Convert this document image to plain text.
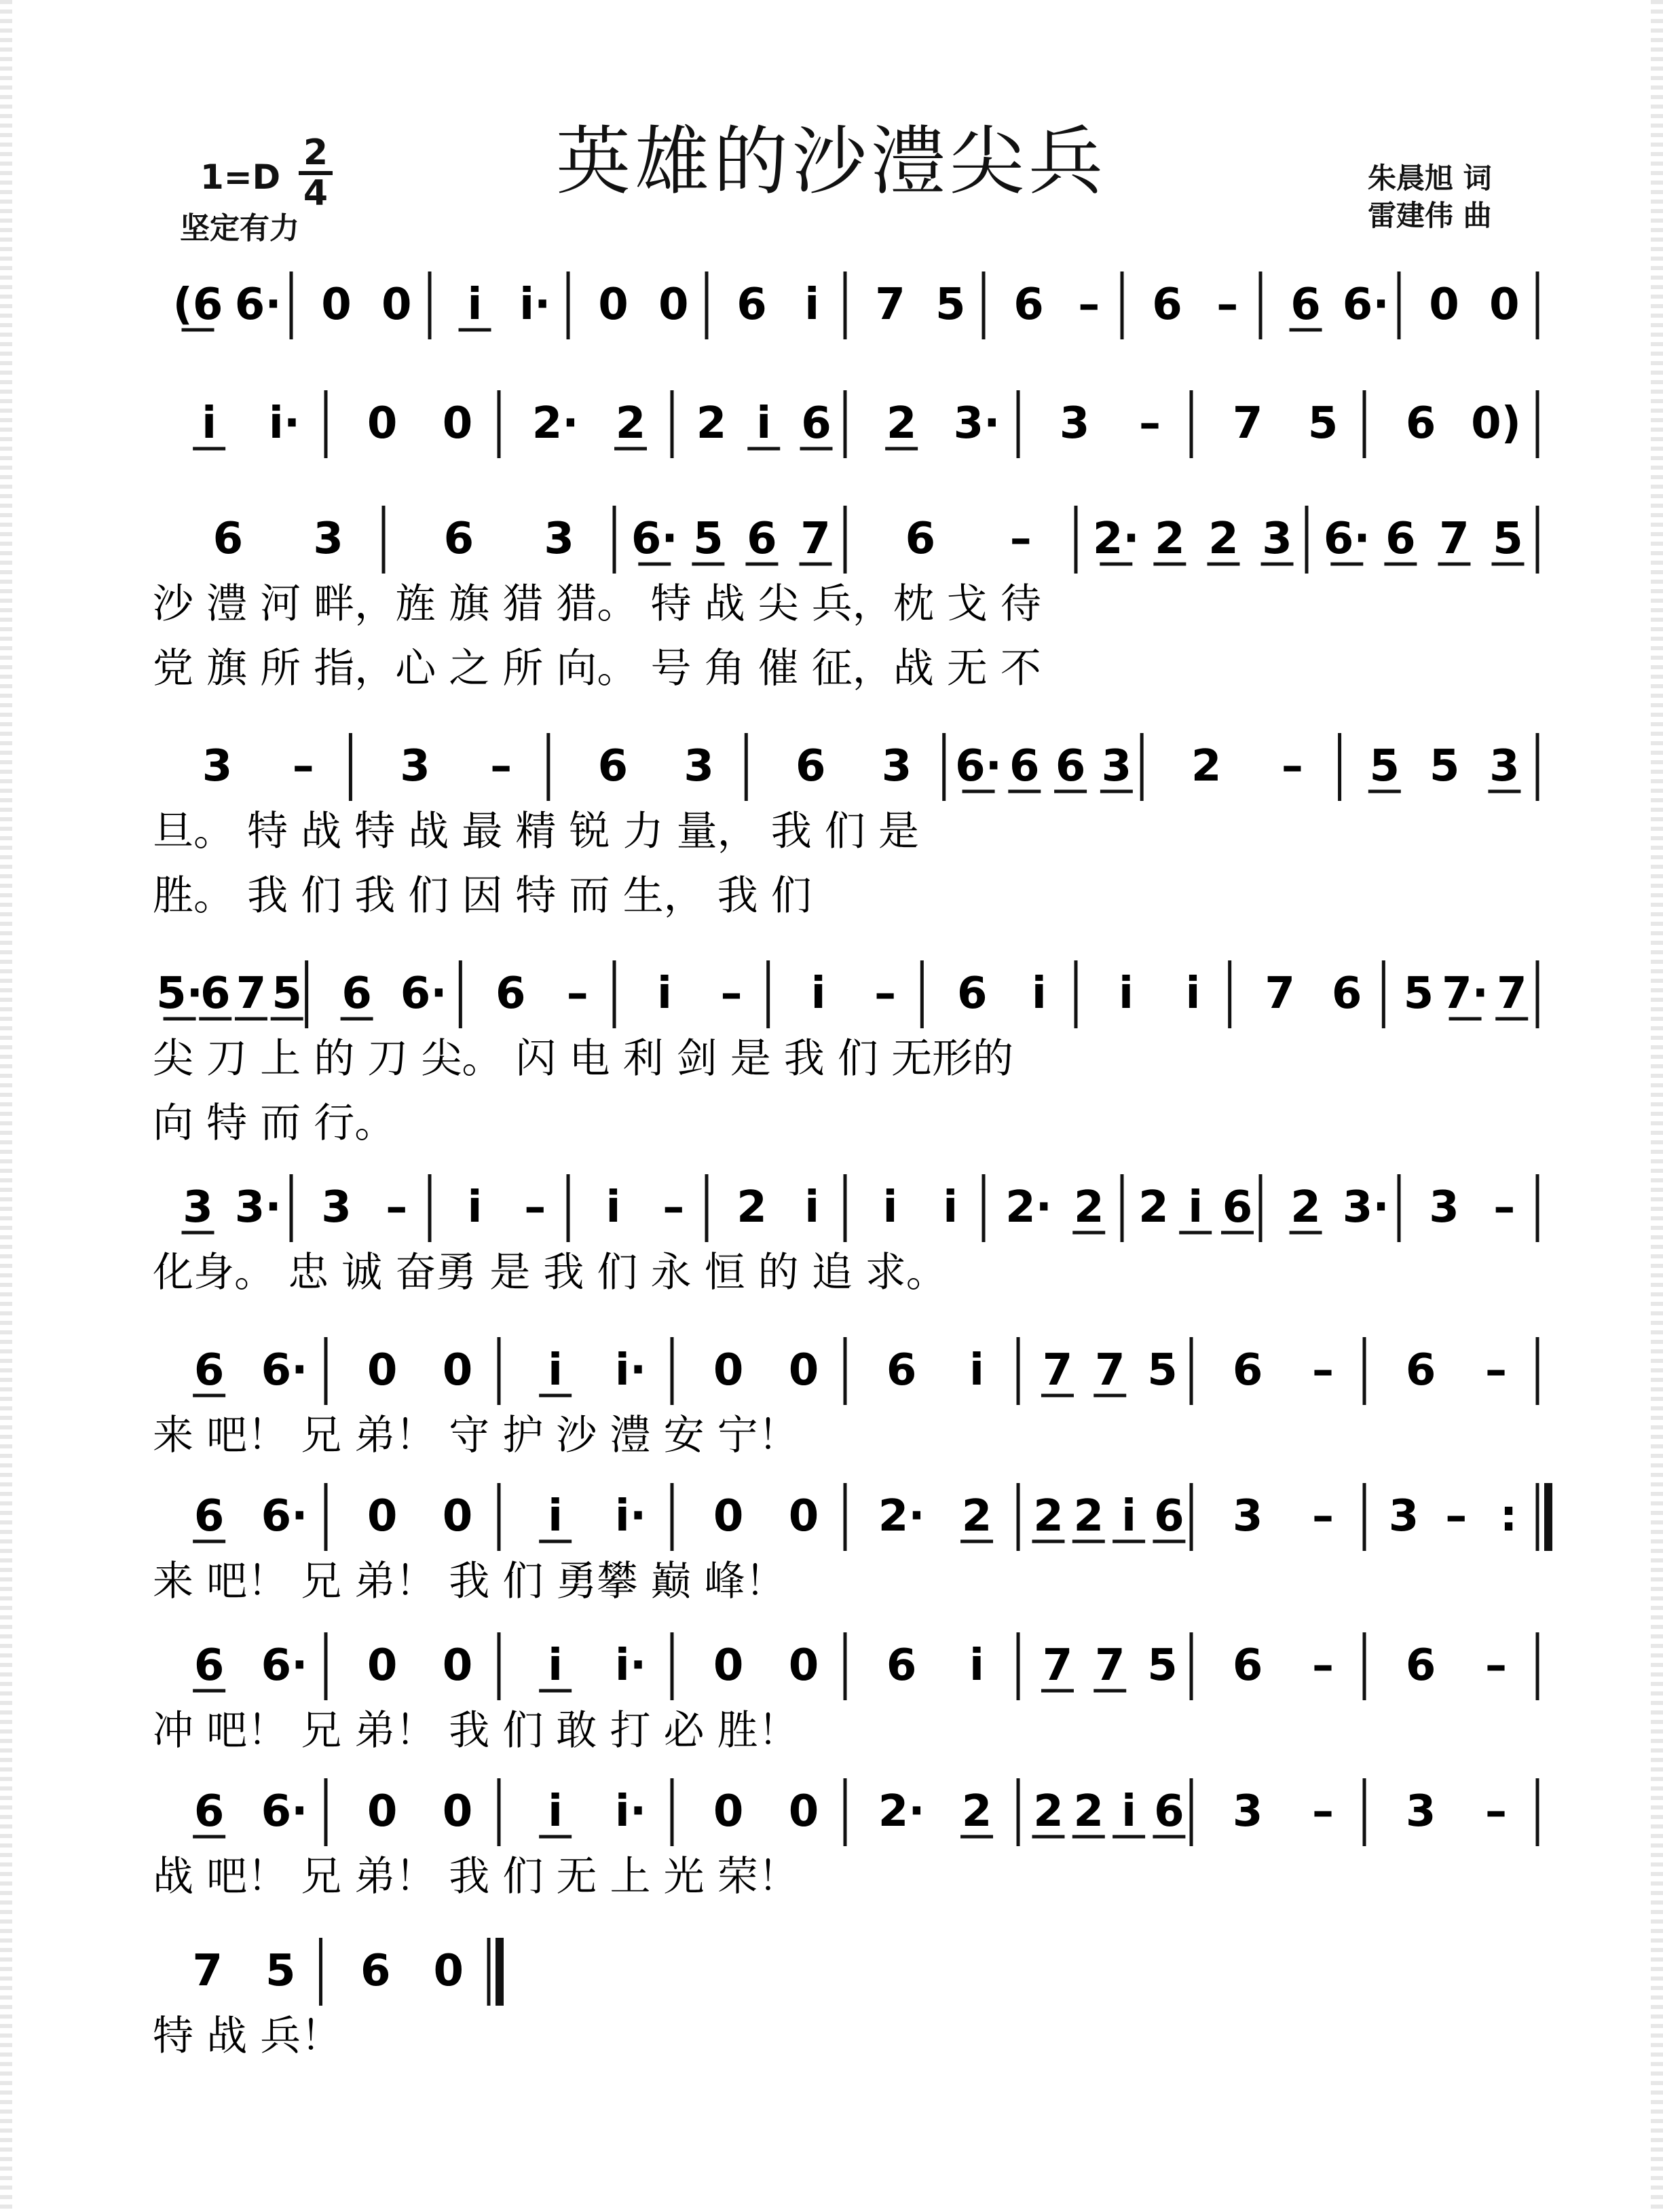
英雄的沙澧尖兵
1=D
2
4
坚定有力
朱晨旭 词
雷建伟 曲
(6 6· 0 0 i i· 0 0 6 i 7 5 6 – 6 – 6 6· 0 0
i i· 0 0 2· 2 2 i 6 2 3· 3 – 7 5 6 0)
6 3 6 3 6· 5 6 7 6 – 2· 2 2 3 6· 6 7 5
沙 澧 河 畔，旌 旗 猎 猎。 特 战 尖 兵，枕 戈 待
党 旗 所 指，心 之 所 向。 号 角 催 征，战 无 不
3 – 3 – 6 3 6 3 6· 6 6 3 2 – 5 5 3
旦。 特 战 特 战 最 精 锐 力 量， 我 们 是
胜。 我 们 我 们 因 特 而 生， 我 们
5·
6 7 5 6 6· 6 – i – i – 6 i i i 7 6 5 7· 7
尖 刀 上 的 刀 尖。 闪 电 利 剑 是 我 们 无形的
向 特 而 行。
3 3· 3 – i – i – 2 i i i 2· 2 2 i 6 2 3· 3 –
化身。 忠 诚 奋勇 是 我 们 永 恒 的 追 求。
6 6· 0 0 i i· 0 0 6 i 7 7 5 6 – 6 –
来 吧！ 兄 弟！ 守 护 沙 澧 安 宁！
6 6· 0 0 i i· 0 0 2· 2 2 2 i 6 3 – 3 – :
来 吧！ 兄 弟！ 我 们 勇攀 巅 峰！
6 6· 0 0 i i· 0 0 6 i 7 7 5 6 – 6 –
冲 吧！ 兄 弟！ 我 们 敢 打 必 胜！
6 6· 0 0 i i· 0 0 2· 2 2 2 i 6 3 – 3 –
战 吧！ 兄 弟！ 我 们 无 上 光 荣！
7 5 6 0
特 战 兵！
